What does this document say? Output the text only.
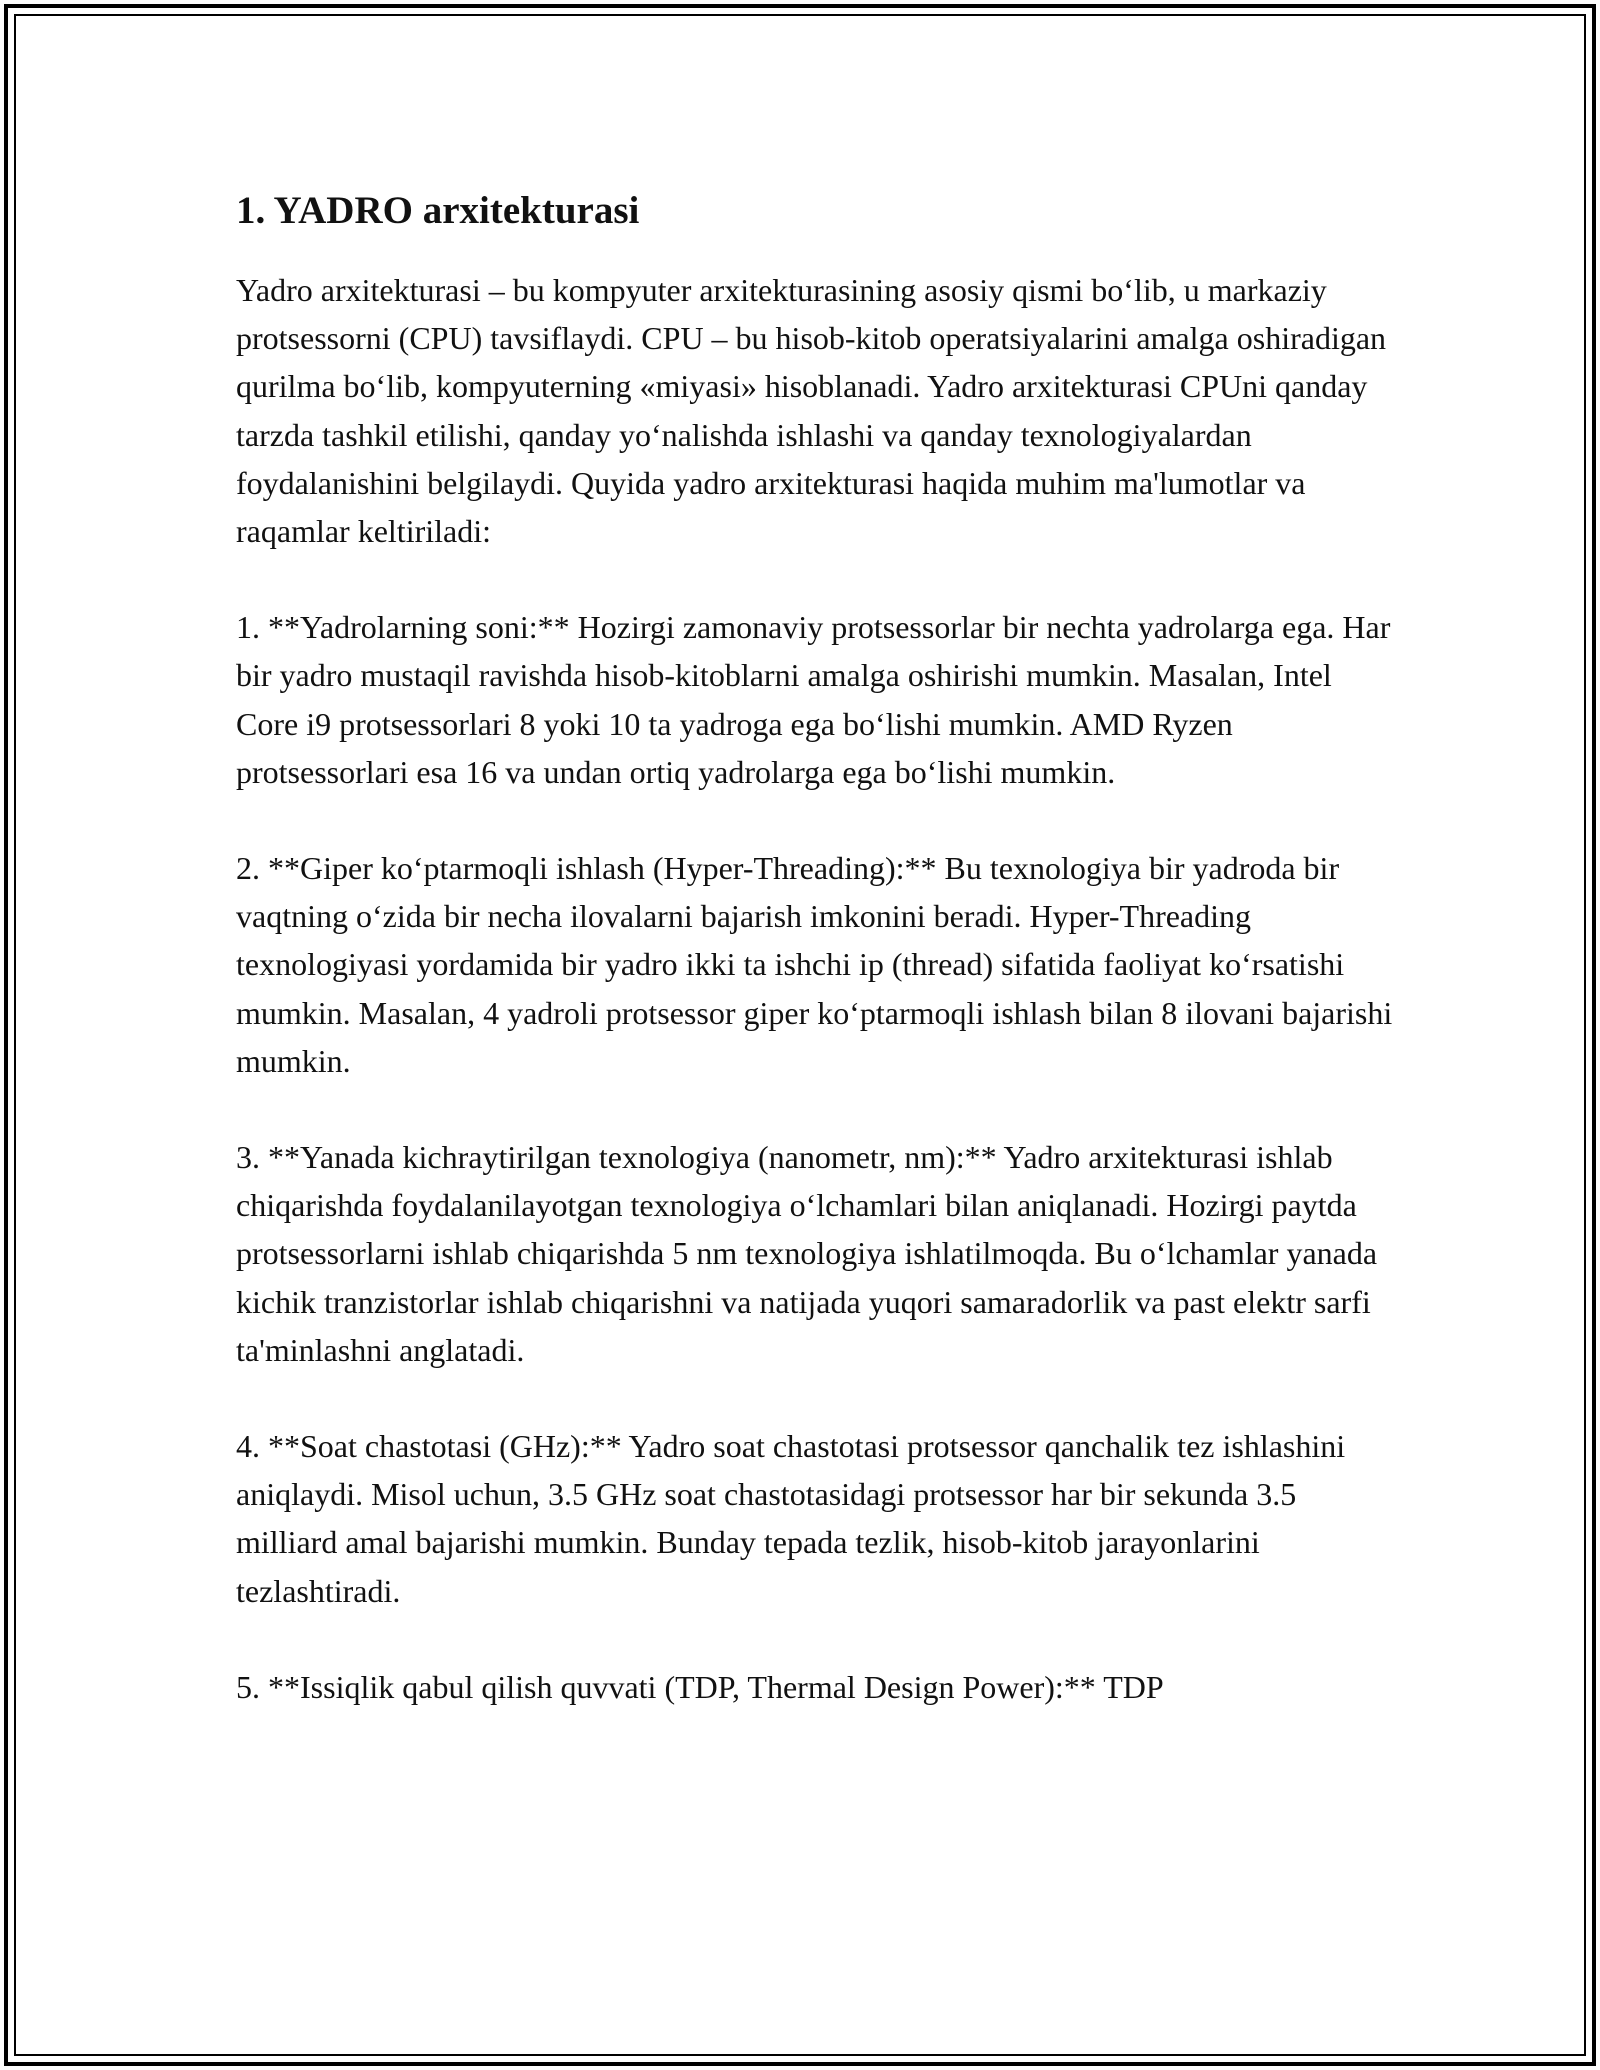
1. YADRO arxitekturasi

Yadro arxitekturasi – bu kompyuter arxitekturasining asosiy qismi bo‘lib, u markaziy protsessorni (CPU) tavsiflaydi. CPU – bu hisob-kitob operatsiyalarini amalga oshiradigan qurilma bo‘lib, kompyuterning «miyasi» hisoblanadi. Yadro arxitekturasi CPUni qanday tarzda tashkil etilishi, qanday yo‘nalishda ishlashi va qanday texnologiyalardan foydalanishini belgilaydi. Quyida yadro arxitekturasi haqida muhim ma'lumotlar va raqamlar keltiriladi:

1. **Yadrolarning soni:** Hozirgi zamonaviy protsessorlar bir nechta yadrolarga ega. Har bir yadro mustaqil ravishda hisob-kitoblarni amalga oshirishi mumkin. Masalan, Intel Core i9 protsessorlari 8 yoki 10 ta yadroga ega bo‘lishi mumkin. AMD Ryzen protsessorlari esa 16 va undan ortiq yadrolarga ega bo‘lishi mumkin.

2. **Giper ko‘ptarmoqli ishlash (Hyper-Threading):** Bu texnologiya bir yadroda bir vaqtning o‘zida bir necha ilovalarni bajarish imkonini beradi. Hyper-Threading texnologiyasi yordamida bir yadro ikki ta ishchi ip (thread) sifatida faoliyat ko‘rsatishi mumkin. Masalan, 4 yadroli protsessor giper ko‘ptarmoqli ishlash bilan 8 ilovani bajarishi mumkin.

3. **Yanada kichraytirilgan texnologiya (nanometr, nm):** Yadro arxitekturasi ishlab chiqarishda foydalanilayotgan texnologiya o‘lchamlari bilan aniqlanadi. Hozirgi paytda protsessorlarni ishlab chiqarishda 5 nm texnologiya ishlatilmoqda. Bu o‘lchamlar yanada kichik tranzistorlar ishlab chiqarishni va natijada yuqori samaradorlik va past elektr sarfi ta'minlashni anglatadi.

4. **Soat chastotasi (GHz):** Yadro soat chastotasi protsessor qanchalik tez ishlashini aniqlaydi. Misol uchun, 3.5 GHz soat chastotasidagi protsessor har bir sekunda 3.5 milliard amal bajarishi mumkin. Bunday tepada tezlik, hisob-kitob jarayonlarini tezlashtiradi.

5. **Issiqlik qabul qilish quvvati (TDP, Thermal Design Power):** TDP
